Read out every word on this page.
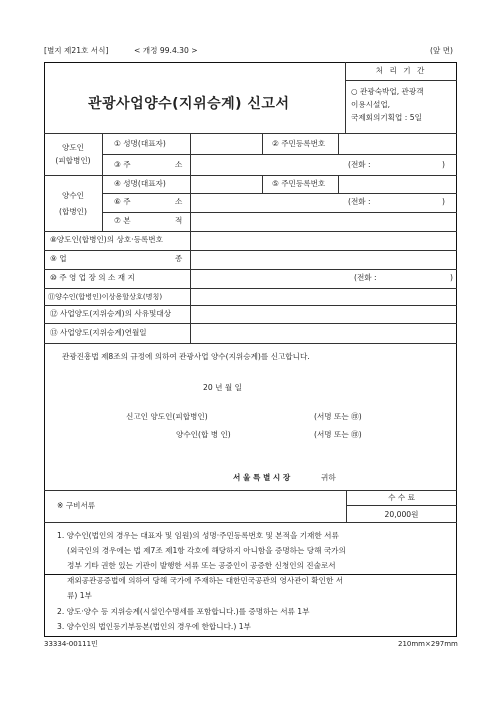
[별지 제21호 서식]	< 개정 99.4.30 >	(앞 면)
관광사업양수(지위승계) 신고서
처 리 기 간
○ 관광숙박업, 관광객
이용시설업,
국제회의기획업 : 5일
양도인
(피합병인)
① 성명(대표자)	② 주민등록번호
③ 주	소	(전화 :	)
양수인
(합병인)
④ 성명(대표자)	⑤ 주민등록번호
⑥ 주	소	(전화 :	)
⑦ 본	적
⑧양도인(합병인)의 상호·등록번호
⑨ 업	종
⑩ 주 영 업 장 의 소 재 지	(전화 :	)
⑪양수인(합병인)이상용할상호(명칭)
⑫ 사업양도(지위승계)의 사유및대상
⑬ 사업양도(지위승계)연월일
관광진흥법 제8조의 규정에 의하여 관광사업 양수(지위승계)를 신고합니다.
20 년 월 일
신고인 양도인(피합병인)	(서명 또는 ㊞)
양수인(합 병 인)	(서명 또는 ㊞)
서 울 특 별 시 장	귀하
※ 구비서류
수 수 료
20,000원
1. 양수인(법인의 경우는 대표자 및 임원)의 성명·주민등록번호 및 본적을 기재한 서류
(외국인의 경우에는 법 제7조 제1항 각호에 해당하지 아니함을 증명하는 당해 국가의
정부 기타 권한 있는 기관이 발행한 서류 또는 공증인이 공증한 신청인의 진술로서
재외공관공증법에 의하여 당해 국가에 주재하는 대한민국공관의 영사관이 확인한 서
류) 1부
2. 양도·양수 등 지위승계(시설인수명세를 포함합니다.)를 증명하는 서류 1부
3. 양수인의 법인등기부등본(법인의 경우에 한합니다.) 1부
33334-00111민	210mm×297mm
